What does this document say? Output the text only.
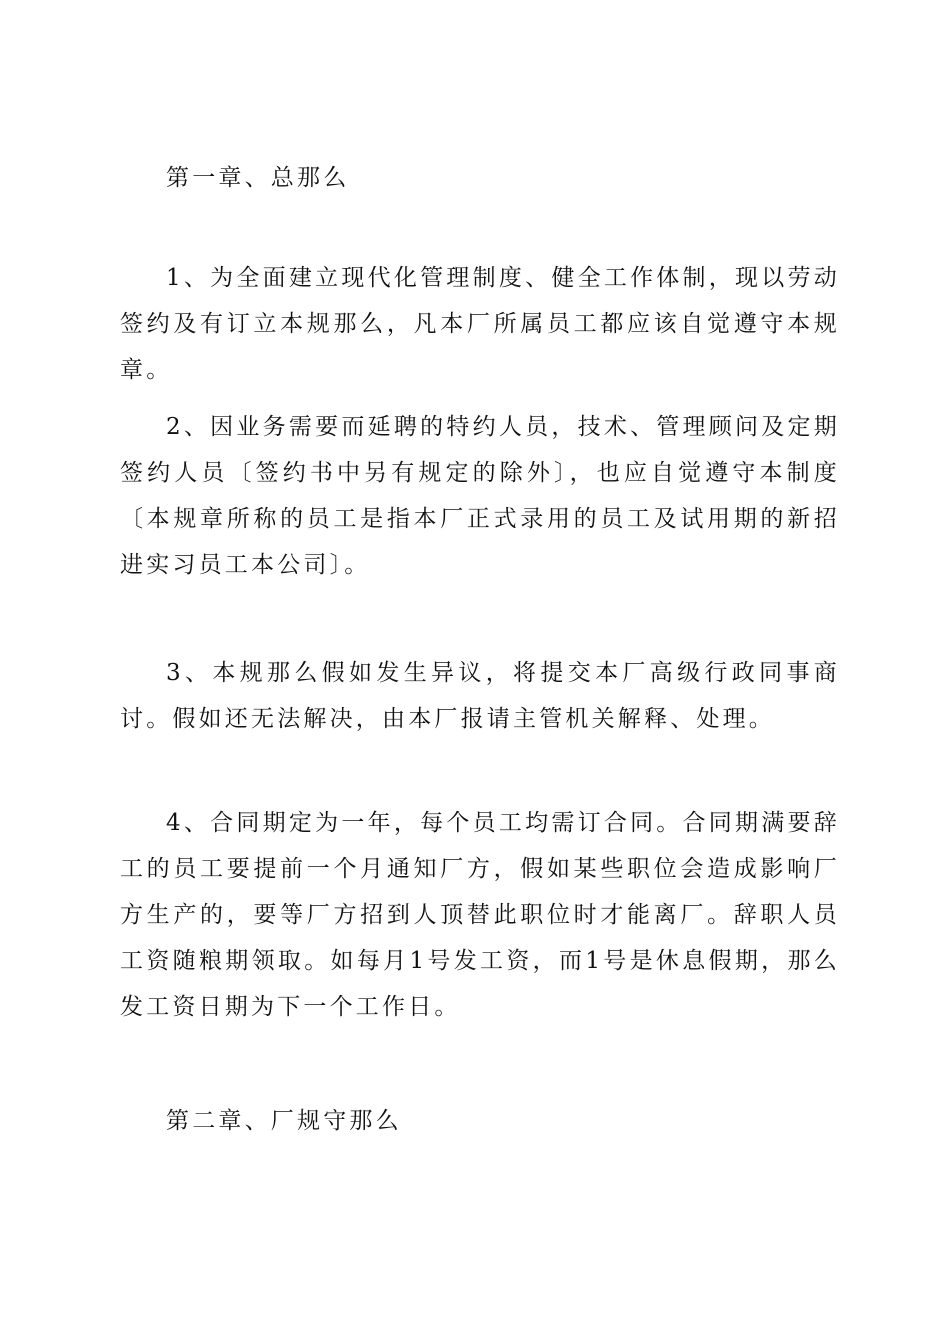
第一章、总那么

1、为全面建立现代化管理制度、健全工作体制，现以劳动签约及有订立本规那么，凡本厂所属员工都应该自觉遵守本规章。

2、因业务需要而延聘的特约人员，技术、管理顾问及定期签约人员〔签约书中另有规定的除外〕，也应自觉遵守本制度〔本规章所称的员工是指本厂正式录用的员工及试用期的新招进实习员工本公司〕。

3、本规那么假如发生异议，将提交本厂高级行政同事商讨。假如还无法解决，由本厂报请主管机关解释、处理。

4、合同期定为一年，每个员工均需订合同。合同期满要辞工的员工要提前一个月通知厂方，假如某些职位会造成影响厂方生产的，要等厂方招到人顶替此职位时才能离厂。辞职人员工资随粮期领取。如每月1号发工资，而1号是休息假期，那么发工资日期为下一个工作日。

第二章、厂规守那么
